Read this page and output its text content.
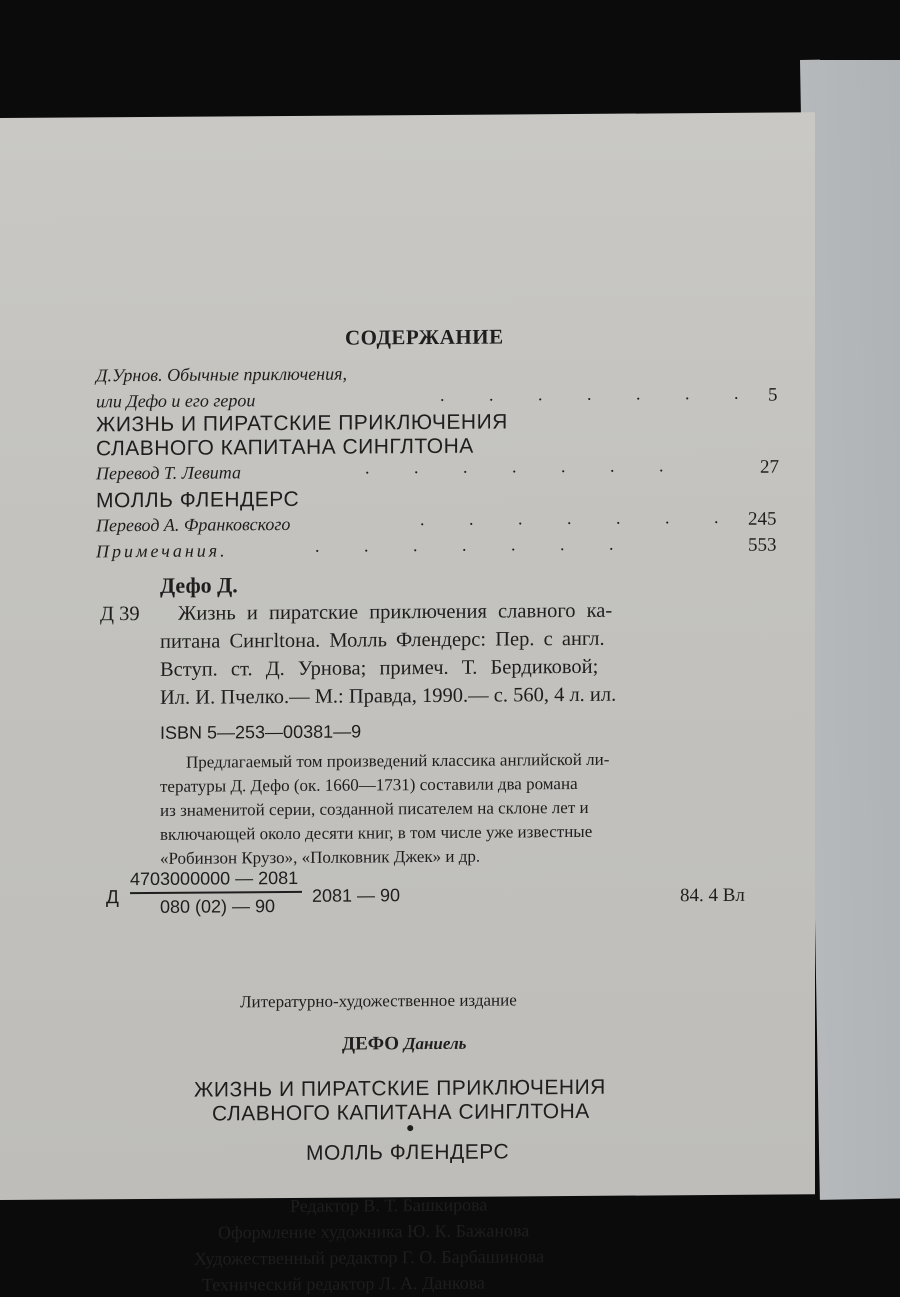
СОДЕРЖАНИЕ
Д.Урнов. Обычные приключения,
или Дефо и его герои	. . . . . . . 5
ЖИЗНЬ И ПИРАТСКИЕ ПРИКЛЮЧЕНИЯ
СЛАВНОГО КАПИТАНА СИНГЛТОНА
Перевод Т. Левита	. . . . . . .	27
МОЛЛЬ ФЛЕНДЕРС
Перевод А. Франковского	. . . . . . . 245
Примечания.	. . . . . . .	553
Дефо Д.
Д 39 Жизнь и пиратские приключения славного ка-
питана Сингltона. Молль Флендерс: Пер. с англ.
Вступ. ст. Д. Урнова; примеч. Т. Бердиковой;
Ил. И. Пчелко.— М.: Правда, 1990.— с. 560, 4 л. ил.
ISBN 5—253—00381—9
Предлагаемый том произведений классика английской ли-
тературы Д. Дефо (ок. 1660—1731) составили два романа
из знаменитой серии, созданной писателем на склоне лет и
включающей около десяти книг, в том числе уже известные
«Робинзон Крузо», «Полковник Джек» и др.
Д
4703000000 — 2081
080 (02) — 90
2081 — 90	84. 4 Вл
Литературно-художественное издание
ДЕФО Даниель
ЖИЗНЬ И ПИРАТСКИЕ ПРИКЛЮЧЕНИЯ
СЛАВНОГО КАПИТАНА СИНГЛТОНА
●
МОЛЛЬ ФЛЕНДЕРС
Редактор В. Т. Башкирова
Оформление художника Ю. К. Бажанова
Художественный редактор Г. О. Барбашинова
Технический редактор Л. А. Данкова
